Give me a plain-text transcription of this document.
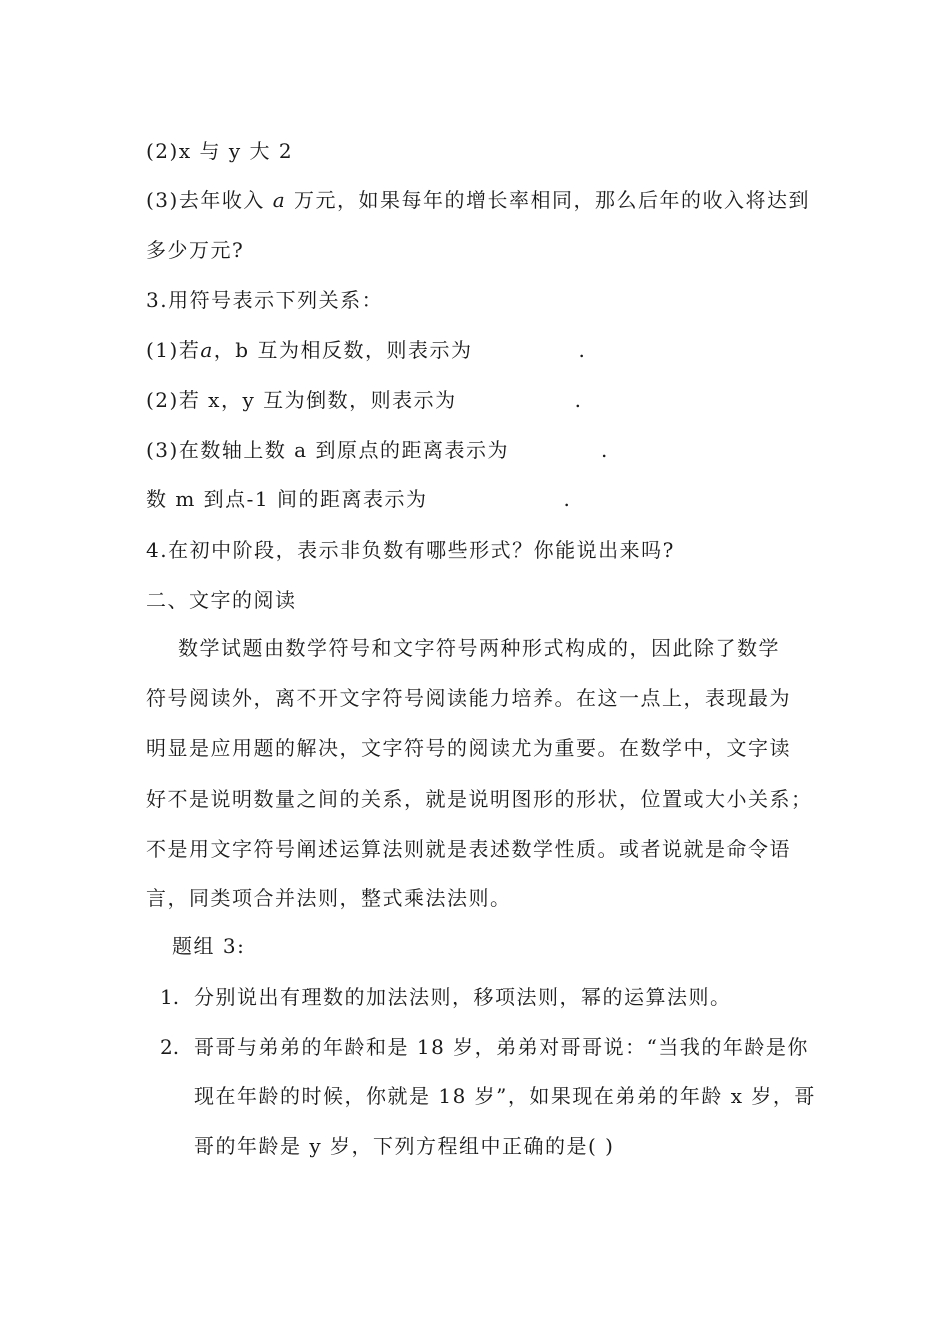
(2)x 与 y 大 2
(3)去年收入 a 万元，如果每年的增长率相同，那么后年的收入将达到
多少万元?
3.用符号表示下列关系：
(1)若a，b 互为相反数，则表示为	.
(2)若 x，y 互为倒数，则表示为	.
(3)在数轴上数 a 到原点的距离表示为	.
数 m 到点-1 间的距离表示为	.
4.在初中阶段，表示非负数有哪些形式？你能说出来吗?
二、文字的阅读
数学试题由数学符号和文字符号两种形式构成的，因此除了数学
符号阅读外，离不开文字符号阅读能力培养。在这一点上，表现最为
明显是应用题的解决，文字符号的阅读尤为重要。在数学中，文字读
好不是说明数量之间的关系，就是说明图形的形状，位置或大小关系；
不是用文字符号阐述运算法则就是表述数学性质。或者说就是命令语
言，同类项合并法则，整式乘法法则。
题组 3:
1. 分别说出有理数的加法法则，移项法则，幂的运算法则。
2. 哥哥与弟弟的年龄和是 18 岁，弟弟对哥哥说：“当我的年龄是你
现在年龄的时候，你就是 18 岁”，如果现在弟弟的年龄 x 岁，哥
哥的年龄是 y 岁，下列方程组中正确的是( )
